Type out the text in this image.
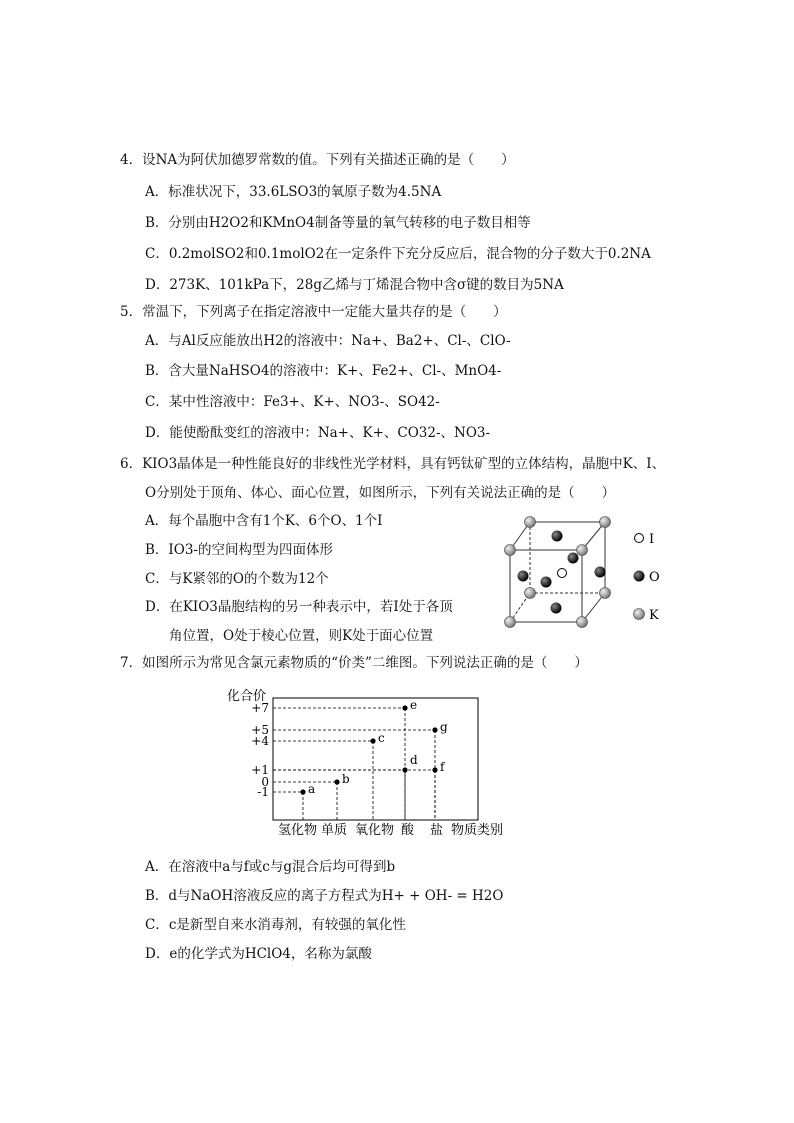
4．设NA为阿伏加德罗常数的值。下列有关描述正确的是（　　）
A．标准状况下，33.6LSO3的氧原子数为4.5NA
B．分别由H2O2和KMnO4制备等量的氧气转移的电子数目相等
C．0.2molSO2和0.1molO2在一定条件下充分反应后，混合物的分子数大于0.2NA
D．273K、101kPa下，28g乙烯与丁烯混合物中含σ键的数目为5NA
5．常温下，下列离子在指定溶液中一定能大量共存的是（　　）
A．与Al反应能放出H2的溶液中：Na+、Ba2+、Cl-、ClO-
B．含大量NaHSO4的溶液中：K+、Fe2+、Cl-、MnO4-
C．某中性溶液中：Fe3+、K+、NO3-、SO42-
D．能使酚酞变红的溶液中：Na+、K+、CO32-、NO3-
6．KIO3晶体是一种性能良好的非线性光学材料，具有钙钛矿型的立体结构，晶胞中K、I、
O分别处于顶角、体心、面心位置，如图所示，下列有关说法正确的是（　　）
A．每个晶胞中含有1个K、6个O、1个I
B．IO3-的空间构型为四面体形
C．与K紧邻的O的个数为12个
D．在KIO3晶胞结构的另一种表示中，若I处于各顶
角位置，O处于棱心位置，则K处于面心位置
I
O
K
7．如图所示为常见含氯元素物质的“价类”二维图。下列说法正确的是（　　）
化合价
+7
+5
+4
+1
0
-1
氢化物 单质 氧化物 酸 盐
a
b
c
d
e
f
g
物质类别
A．在溶液中a与f或c与g混合后均可得到b
B．d与NaOH溶液反应的离子方程式为H+ + OH- = H2O
C．c是新型自来水消毒剂，有较强的氧化性
D．e的化学式为HClO4，名称为氯酸
